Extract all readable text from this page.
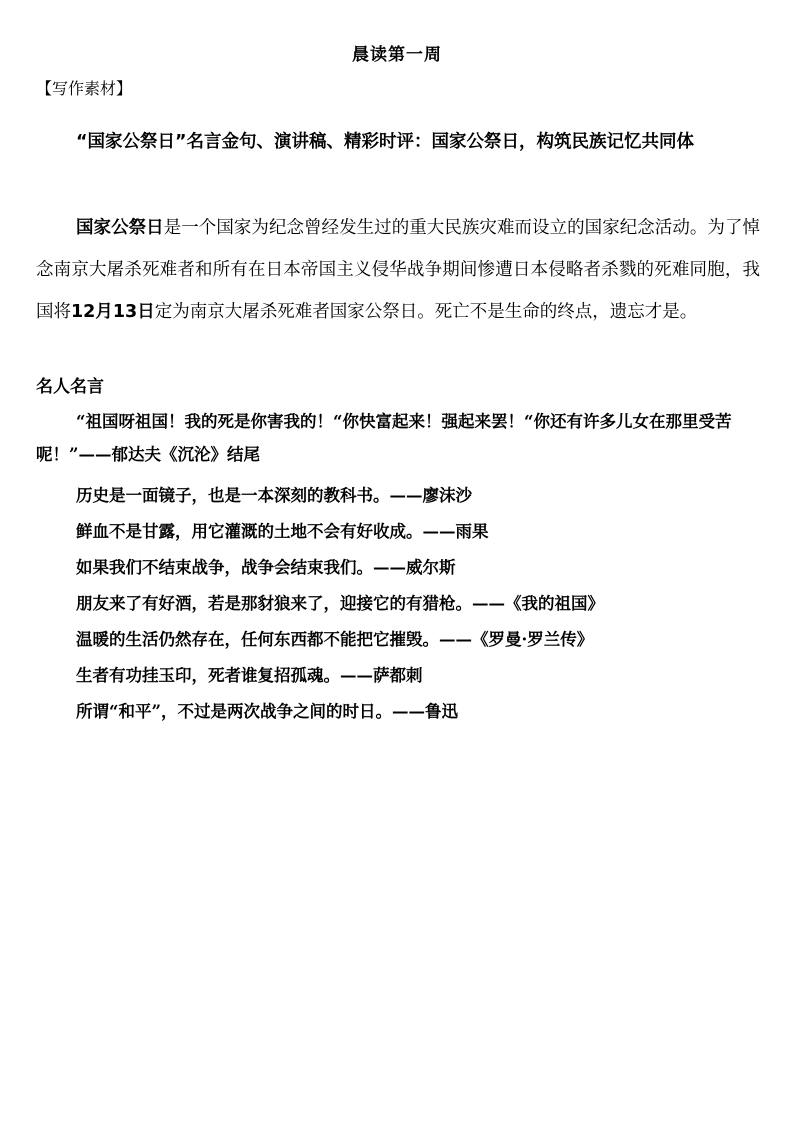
晨读第一周
【写作素材】
“国家公祭日”名言金句、演讲稿、精彩时评：国家公祭日，构筑民族记忆共同体
国家公祭日是一个国家为纪念曾经发生过的重大民族灾难而设立的国家纪念活动。为了悼念南京大屠杀死难者和所有在日本帝国主义侵华战争期间惨遭日本侵略者杀戮的死难同胞，我国将12月13日定为南京大屠杀死难者国家公祭日。死亡不是生命的终点，遗忘才是。
名人名言
“祖国呀祖国！我的死是你害我的！“你快富起来！强起来罢！“你还有许多儿女在那里受苦呢！”——郁达夫《沉沦》结尾
历史是一面镜子，也是一本深刻的教科书。——廖沫沙
鲜血不是甘露，用它灌溉的土地不会有好收成。——雨果
如果我们不结束战争，战争会结束我们。——威尔斯
朋友来了有好酒，若是那豺狼来了，迎接它的有猎枪。——《我的祖国》
温暖的生活仍然存在，任何东西都不能把它摧毁。——《罗曼·罗兰传》
生者有功挂玉印，死者谁复招孤魂。——萨都刺
所谓“和平”，不过是两次战争之间的时日。——鲁迅
